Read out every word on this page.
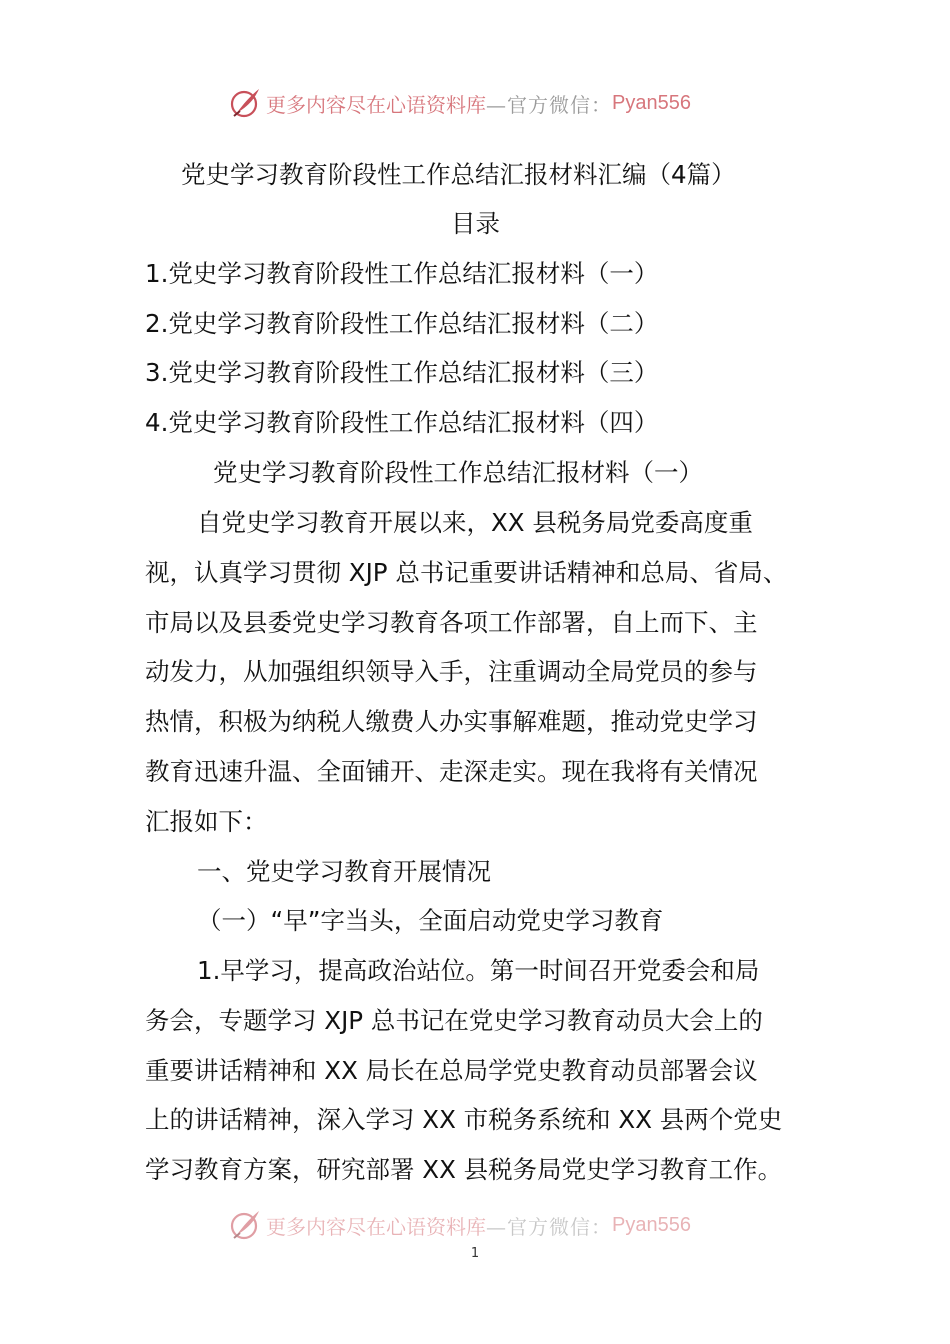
更多内容尽在心语资料库 —官方微信： Pyan556
党史学习教育阶段性工作总结汇报材料汇编（4篇）
目录
1.党史学习教育阶段性工作总结汇报材料（一）
2.党史学习教育阶段性工作总结汇报材料（二）
3.党史学习教育阶段性工作总结汇报材料（三）
4.党史学习教育阶段性工作总结汇报材料（四）
党史学习教育阶段性工作总结汇报材料（一）
自党史学习教育开展以来，XX 县税务局党委高度重
视，认真学习贯彻 XJP 总书记重要讲话精神和总局、省局、
市局以及县委党史学习教育各项工作部署，自上而下、主
动发力，从加强组织领导入手，注重调动全局党员的参与
热情，积极为纳税人缴费人办实事解难题，推动党史学习
教育迅速升温、全面铺开、走深走实。现在我将有关情况
汇报如下：
一、党史学习教育开展情况
（一）“早”字当头，全面启动党史学习教育
1.早学习，提高政治站位。第一时间召开党委会和局
务会，专题学习 XJP 总书记在党史学习教育动员大会上的
重要讲话精神和 XX 局长在总局学党史教育动员部署会议
上的讲话精神，深入学习 XX 市税务系统和 XX 县两个党史
学习教育方案，研究部署 XX 县税务局党史学习教育工作。
更多内容尽在心语资料库 —官方微信： Pyan556
1
